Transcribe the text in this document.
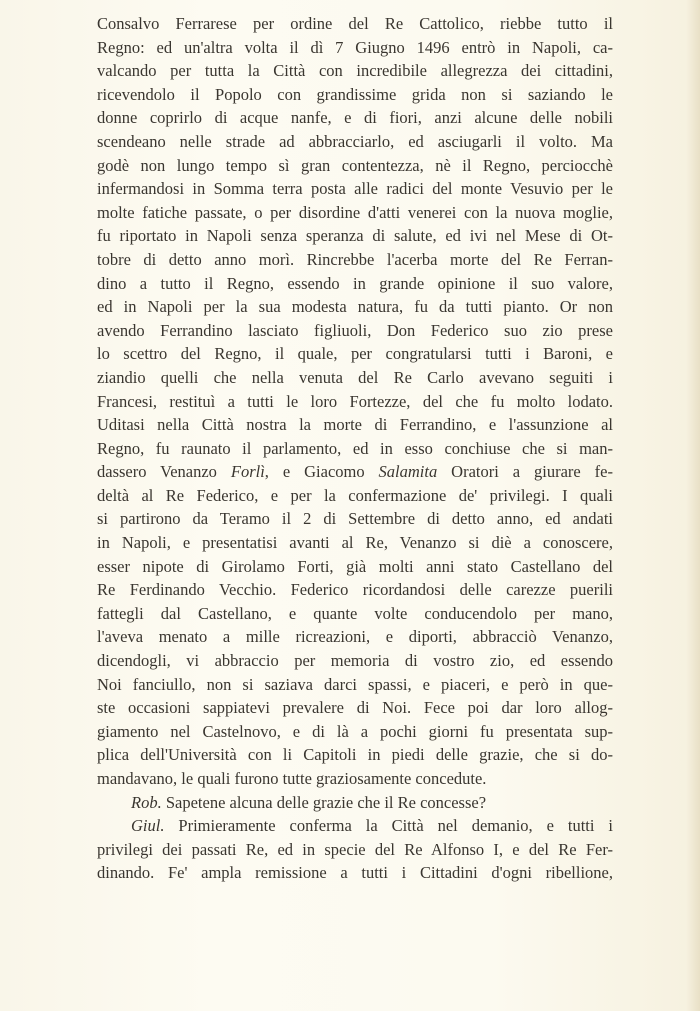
Consalvo Ferrarese per ordine del Re Cattolico, riebbe tutto il
Regno: ed un'altra volta il dì 7 Giugno 1496 entrò in Napoli, ca-
valcando per tutta la Città con incredibile allegrezza dei cittadini,
ricevendolo il Popolo con grandissime grida non si saziando le
donne coprirlo di acque nanfe, e di fiori, anzi alcune delle nobili
scendeano nelle strade ad abbracciarlo, ed asciugarli il volto. Ma
godè non lungo tempo sì gran contentezza, nè il Regno, perciocchè
infermandosi in Somma terra posta alle radici del monte Vesuvio per le
molte fatiche passate, o per disordine d'atti venerei con la nuova moglie,
fu riportato in Napoli senza speranza di salute, ed ivi nel Mese di Ot-
tobre di detto anno morì. Rincrebbe l'acerba morte del Re Ferran-
dino a tutto il Regno, essendo in grande opinione il suo valore,
ed in Napoli per la sua modesta natura, fu da tutti pianto. Or non
avendo Ferrandino lasciato figliuoli, Don Federico suo zio prese
lo scettro del Regno, il quale, per congratularsi tutti i Baroni, e
ziandio quelli che nella venuta del Re Carlo avevano seguiti i
Francesi, restituì a tutti le loro Fortezze, del che fu molto lodato.
Uditasi nella Città nostra la morte di Ferrandino, e l'assunzione al
Regno, fu raunato il parlamento, ed in esso conchiuse che si man-
dassero Venanzo Forlì, e Giacomo Salamita Oratori a giurare fe-
deltà al Re Federico, e per la confermazione de' privilegi. I quali
si partirono da Teramo il 2 di Settembre di detto anno, ed andati
in Napoli, e presentatisi avanti al Re, Venanzo si diè a conoscere,
esser nipote di Girolamo Forti, già molti anni stato Castellano del
Re Ferdinando Vecchio. Federico ricordandosi delle carezze puerili
fattegli dal Castellano, e quante volte conducendolo per mano,
l'aveva menato a mille ricreazioni, e diporti, abbracciò Venanzo,
dicendogli, vi abbraccio per memoria di vostro zio, ed essendo
Noi fanciullo, non si saziava darci spassi, e piaceri, e però in que-
ste occasioni sappiatevi prevalere di Noi. Fece poi dar loro allog-
giamento nel Castelnovo, e di là a pochi giorni fu presentata sup-
plica dell'Università con li Capitoli in piedi delle grazie, che si do-
mandavano, le quali furono tutte graziosamente concedute.
Rob. Sapetene alcuna delle grazie che il Re concesse?
Giul. Primieramente conferma la Città nel demanio, e tutti i
privilegi dei passati Re, ed in specie del Re Alfonso I, e del Re Fer-
dinando. Fe' ampla remissione a tutti i Cittadini d'ogni ribellione,
